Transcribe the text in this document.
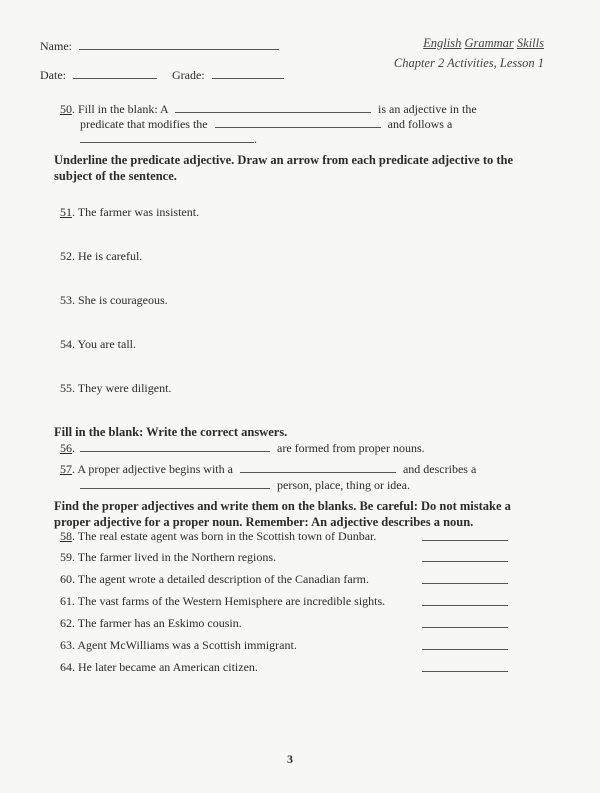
Name:
Date:	Grade:
English Grammar Skills
Chapter 2 Activities, Lesson 1
50. Fill in the blank: A	is an adjective in the
predicate that modifies the	and follows a
.
Underline the predicate adjective. Draw an arrow from each predicate adjective to the subject of the sentence.
51. The farmer was insistent.
52. He is careful.
53. She is courageous.
54. You are tall.
55. They were diligent.
Fill in the blank: Write the correct answers.
56.	are formed from proper nouns.
57. A proper adjective begins with a	and describes a
person, place, thing or idea.
Find the proper adjectives and write them on the blanks. Be careful: Do not mistake a proper adjective for a proper noun. Remember: An adjective describes a noun.
58. The real estate agent was born in the Scottish town of Dunbar.
59. The farmer lived in the Northern regions.
60. The agent wrote a detailed description of the Canadian farm.
61. The vast farms of the Western Hemisphere are incredible sights.
62. The farmer has an Eskimo cousin.
63. Agent McWilliams was a Scottish immigrant.
64. He later became an American citizen.
3
